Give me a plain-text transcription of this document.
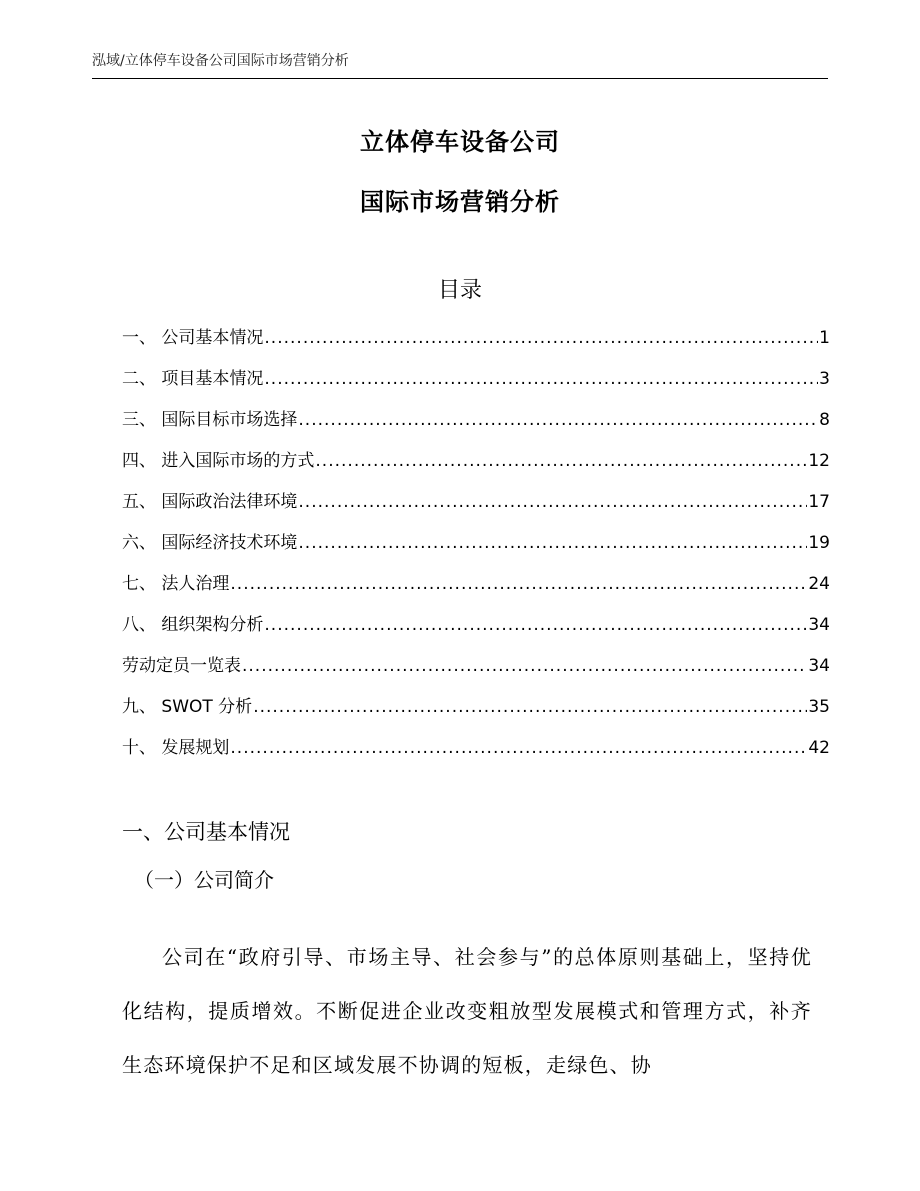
泓域/立体停车设备公司国际市场营销分析
立体停车设备公司
国际市场营销分析
目录
一、 公司基本情况 .....	1
二、 项目基本情况 .....	3
三、 国际目标市场选择 .....	8
四、 进入国际市场的方式 .....	12
五、 国际政治法律环境 .....	17
六、 国际经济技术环境 .....	19
七、 法人治理 .....	24
八、 组织架构分析 .....	34
劳动定员一览表 .....	34
九、 SWOT 分析 .....	35
十、 发展规划 .....	42
一、公司基本情况
（一）公司简介

公司在“政府引导、市场主导、社会参与”的总体原则基础上，坚持优化结构，提质增效。不断促进企业改变粗放型发展模式和管理方式，补齐生态环境保护不足和区域发展不协调的短板，走绿色、协
